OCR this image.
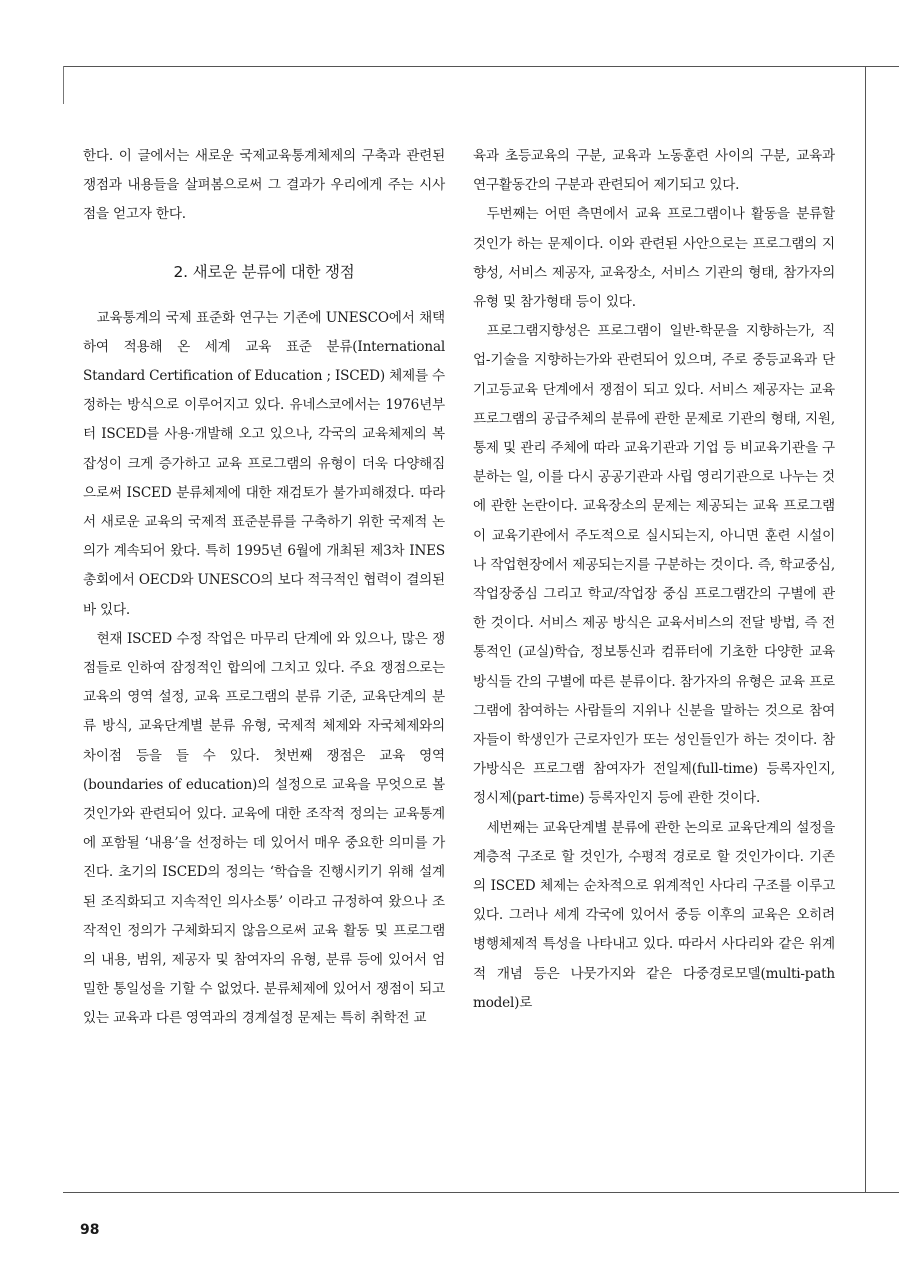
한다. 이 글에서는 새로운 국제교육통계체제의 구축과 관련된 쟁점과 내용들을 살펴봄으로써 그 결과가 우리에게 주는 시사점을 얻고자 한다.

2. 새로운 분류에 대한 쟁점

교육통계의 국제 표준화 연구는 기존에 UNESCO에서 채택하여 적용해 온 세계 교육 표준 분류(International Standard Certification of Education ; ISCED) 체제를 수정하는 방식으로 이루어지고 있다. 유네스코에서는 1976년부터 ISCED를 사용·개발해 오고 있으나, 각국의 교육체제의 복잡성이 크게 증가하고 교육 프로그램의 유형이 더욱 다양해짐으로써 ISCED 분류체제에 대한 재검토가 불가피해졌다. 따라서 새로운 교육의 국제적 표준분류를 구축하기 위한 국제적 논의가 계속되어 왔다. 특히 1995년 6월에 개최된 제3차 INES 총회에서 OECD와 UNESCO의 보다 적극적인 협력이 결의된 바 있다.

현재 ISCED 수정 작업은 마무리 단계에 와 있으나, 많은 쟁점들로 인하여 잠정적인 합의에 그치고 있다. 주요 쟁점으로는 교육의 영역 설정, 교육 프로그램의 분류 기준, 교육단계의 분류 방식, 교육단계별 분류 유형, 국제적 체제와 자국체제와의 차이점 등을 들 수 있다. 첫번째 쟁점은 교육 영역(boundaries of education)의 설정으로 교육을 무엇으로 볼 것인가와 관련되어 있다. 교육에 대한 조작적 정의는 교육통계에 포함될 ‘내용’을 선정하는 데 있어서 매우 중요한 의미를 가진다. 초기의 ISCED의 정의는 ‘학습을 진행시키기 위해 설계된 조직화되고 지속적인 의사소통’ 이라고 규정하여 왔으나 조작적인 정의가 구체화되지 않음으로써 교육 활동 및 프로그램의 내용, 범위, 제공자 및 참여자의 유형, 분류 등에 있어서 엄밀한 통일성을 기할 수 없었다. 분류체제에 있어서 쟁점이 되고 있는 교육과 다른 영역과의 경계설정 문제는 특히 취학전 교

육과 초등교육의 구분, 교육과 노동훈련 사이의 구분, 교육과 연구활동간의 구분과 관련되어 제기되고 있다.

두번째는 어떤 측면에서 교육 프로그램이나 활동을 분류할 것인가 하는 문제이다. 이와 관련된 사안으로는 프로그램의 지향성, 서비스 제공자, 교육장소, 서비스 기관의 형태, 참가자의 유형 및 참가형태 등이 있다.

프로그램지향성은 프로그램이 일반-학문을 지향하는가, 직업-기술을 지향하는가와 관련되어 있으며, 주로 중등교육과 단기고등교육 단계에서 쟁점이 되고 있다. 서비스 제공자는 교육 프로그램의 공급주체의 분류에 관한 문제로 기관의 형태, 지원, 통제 및 관리 주체에 따라 교육기관과 기업 등 비교육기관을 구분하는 일, 이를 다시 공공기관과 사립 영리기관으로 나누는 것에 관한 논란이다. 교육장소의 문제는 제공되는 교육 프로그램이 교육기관에서 주도적으로 실시되는지, 아니면 훈련 시설이나 작업현장에서 제공되는지를 구분하는 것이다. 즉, 학교중심, 작업장중심 그리고 학교/작업장 중심 프로그램간의 구별에 관한 것이다. 서비스 제공 방식은 교육서비스의 전달 방법, 즉 전통적인 (교실)학습, 정보통신과 컴퓨터에 기초한 다양한 교육방식들 간의 구별에 따른 분류이다. 참가자의 유형은 교육 프로그램에 참여하는 사람들의 지위나 신분을 말하는 것으로 참여자들이 학생인가 근로자인가 또는 성인들인가 하는 것이다. 참가방식은 프로그램 참여자가 전일제(full-time) 등록자인지, 정시제(part-time) 등록자인지 등에 관한 것이다.

세번째는 교육단계별 분류에 관한 논의로 교육단계의 설정을 계층적 구조로 할 것인가, 수평적 경로로 할 것인가이다. 기존의 ISCED 체제는 순차적으로 위계적인 사다리 구조를 이루고 있다. 그러나 세계 각국에 있어서 중등 이후의 교육은 오히려 병행체제적 특성을 나타내고 있다. 따라서 사다리와 같은 위계적 개념 등은 나뭇가지와 같은 다중경로모델(multi-path model)로

98
